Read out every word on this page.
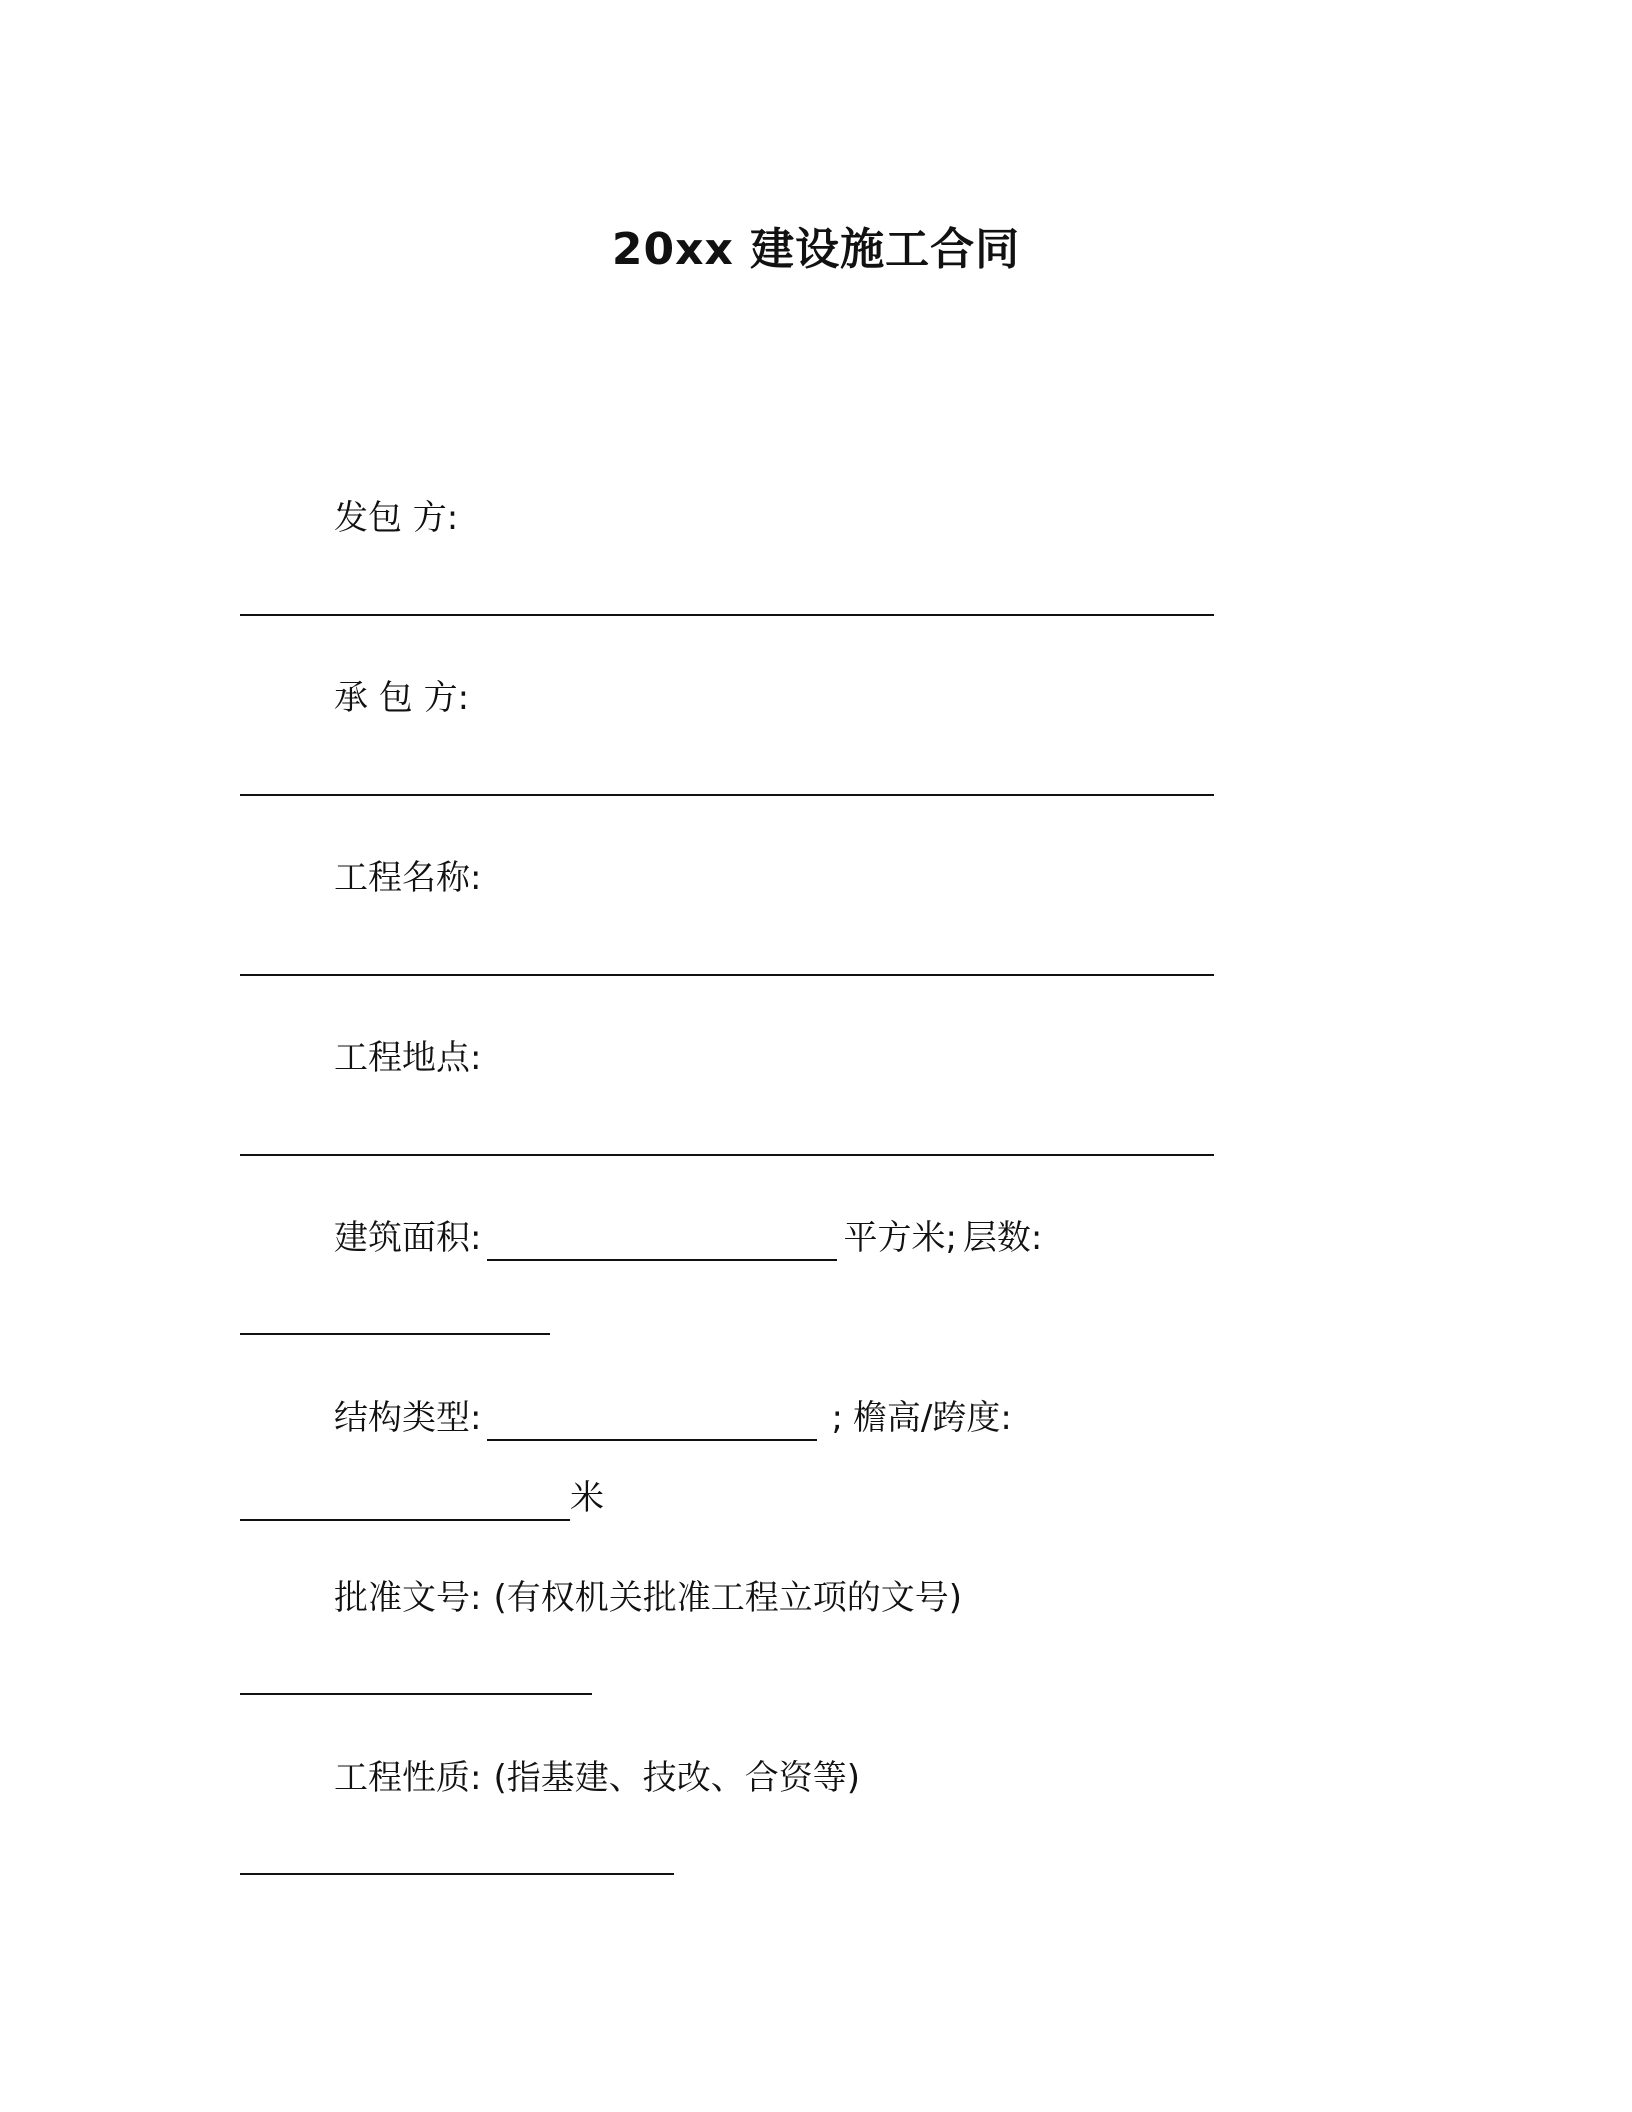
20xx 建设施工合同
发包 方:
承 包 方:
工程名称:
工程地点:
建筑面积:	平方米; 层数:
结构类型:	; 檐高/跨度:
米
批准文号: (有权机关批准工程立项的文号)
工程性质: (指基建、技改、合资等)
